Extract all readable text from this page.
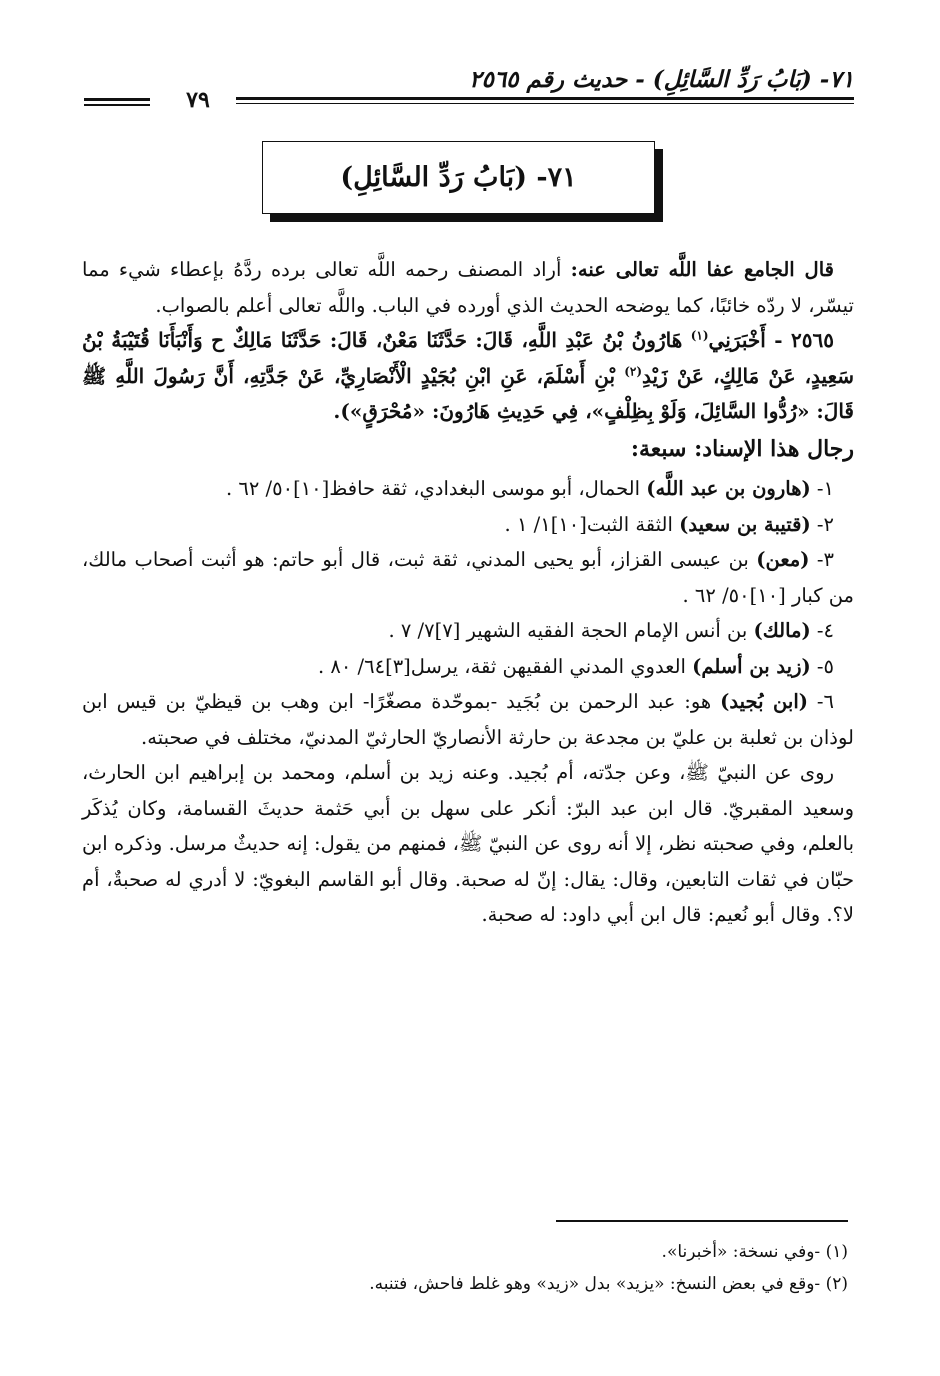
٧١- (بَابُ رَدِّ السَّائِلِ) - حديث رقم ٢٥٦٥
٧٩
٧١- (بَابُ رَدِّ السَّائِلِ)

قال الجامع عفا اللَّه تعالى عنه: أراد المصنف رحمه اللَّه تعالى برده ردَّهُ بإعطاء شيء مما تيسّر، لا ردّه خائبًا، كما يوضحه الحديث الذي أورده في الباب. واللَّه تعالى أعلم بالصواب.

٢٥٦٥ - أَخْبَرَنِي$^{(١)}$ هَارُونُ بْنُ عَبْدِ اللَّهِ، قَالَ: حَدَّثَنَا مَعْنٌ، قَالَ: حَدَّثَنَا مَالِكٌ ح وَأَنْبَأَنَا قُتَيْبَةُ بْنُ سَعِيدٍ، عَنْ مَالِكٍ، عَنْ زَيْدِ$^{(٢)}$ بْنِ أَسْلَمَ، عَنِ ابْنِ بُجَيْدٍ الْأَنْصَارِيِّ، عَنْ جَدَّتِهِ، أَنَّ رَسُولَ اللَّهِ ﷺ قَالَ: «رُدُّوا السَّائِلَ، وَلَوْ بِظِلْفٍ»، فِي حَدِيثِ هَارُونَ: «مُحْرَقٍ»).

رجال هذا الإسناد: سبعة:

١- (هارون بن عبد اللَّه) الحمال، أبو موسى البغدادي، ثقة حافظ[١٠]٥٠/ ٦٢ .

٢- (قتيبة بن سعيد) الثقة الثبت[١٠]١/ ١ .

٣- (معن) بن عيسى القزاز، أبو يحيى المدني، ثقة ثبت، قال أبو حاتم: هو أثبت أصحاب مالك، من كبار [١٠]٥٠/ ٦٢ .

٤- (مالك) بن أنس الإمام الحجة الفقيه الشهير [٧]٧/ ٧ .

٥- (زيد بن أسلم) العدوي المدني الفقيهن ثقة، يرسل[٣]٦٤/ ٨٠ .

٦- (ابن بُجيد) هو: عبد الرحمن بن بُجَيد -بموحّدة مصغّرًا- ابن وهب بن قيظيّ بن قيس ابن لوذان بن ثعلبة بن عليّ بن مجدعة بن حارثة الأنصاريّ الحارثيّ المدنيّ، مختلف في صحبته.

روى عن النبيّ ﷺ، وعن جدّته، أم بُجيد. وعنه زيد بن أسلم، ومحمد بن إبراهيم ابن الحارث، وسعيد المقبريّ. قال ابن عبد البرّ: أنكر على سهل بن أبي حَثمة حديثَ القسامة، وكان يُذكَر بالعلم، وفي صحبته نظر، إلا أنه روى عن النبيّ ﷺ، فمنهم من يقول: إنه حديثٌ مرسل. وذكره ابن حبّان في ثقات التابعين، وقال: يقال: إنّ له صحبة. وقال أبو القاسم البغويّ: لا أدري له صحبةٌ، أم لا؟. وقال أبو نُعيم: قال ابن أبي داود: له صحبة.

(١) -وفي نسخة: «أخبرنا».

(٢) -وقع في بعض النسخ: «يزيد» بدل «زيد» وهو غلط فاحش، فتنبه.
